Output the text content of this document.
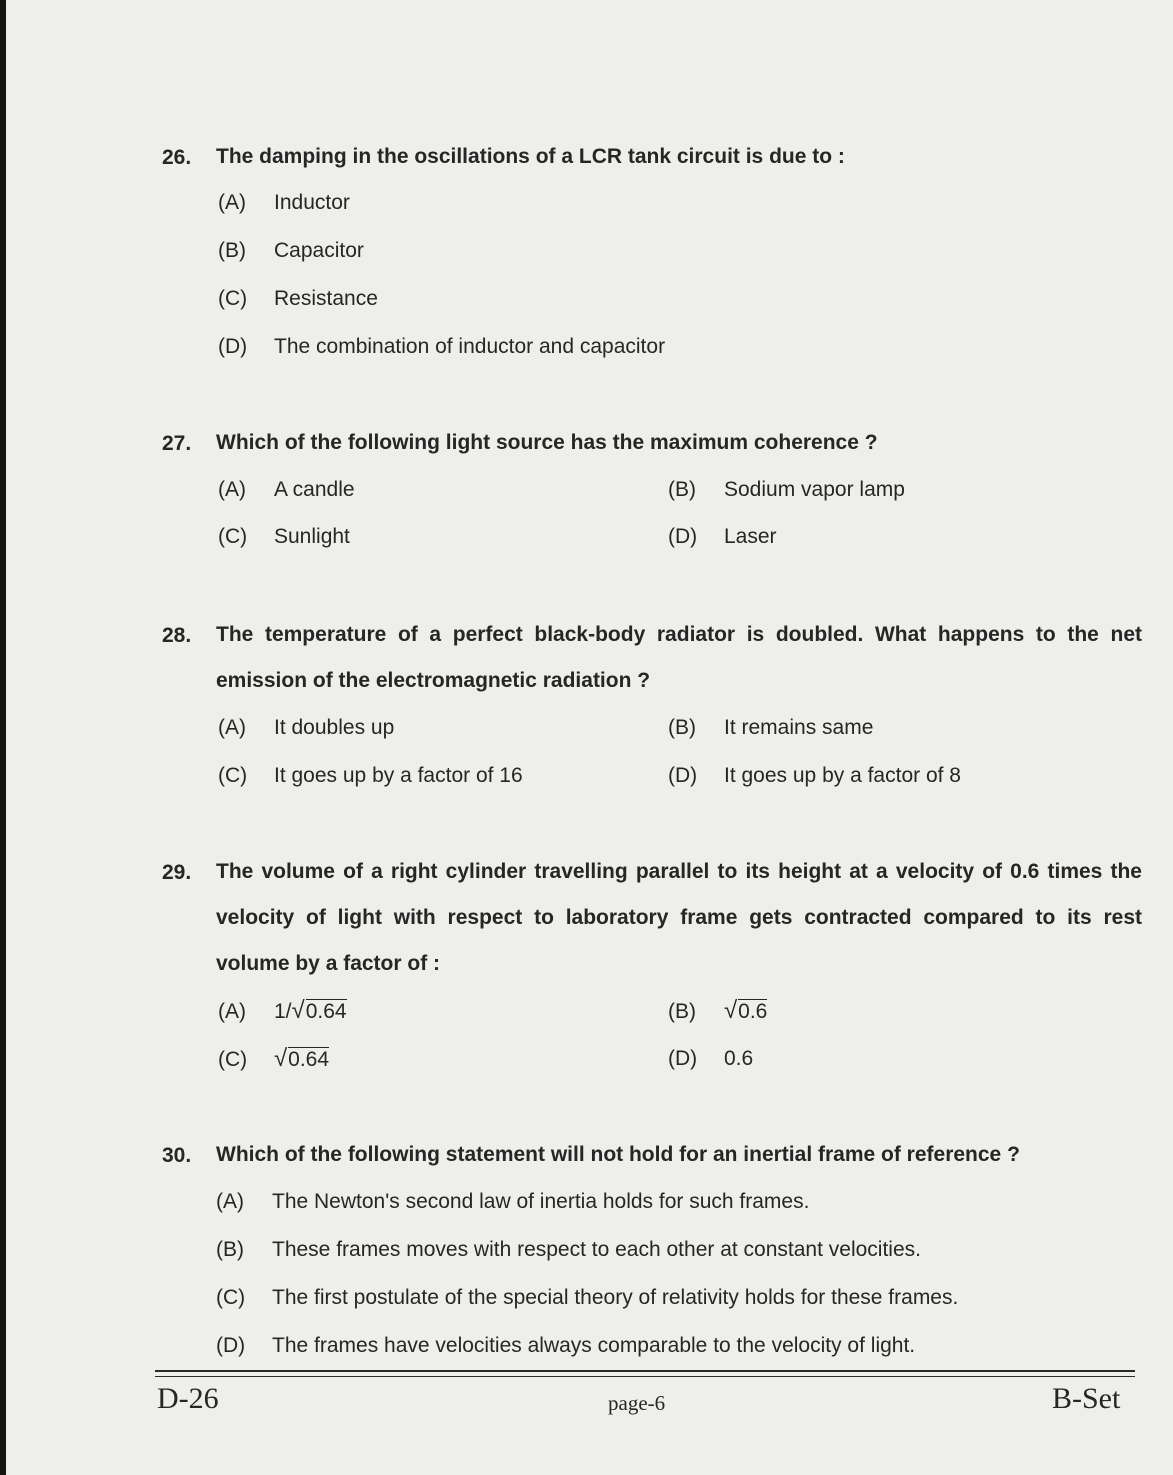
26. The damping in the oscillations of a LCR tank circuit is due to :
(A) Inductor
(B) Capacitor
(C) Resistance
(D) The combination of inductor and capacitor
27. Which of the following light source has the maximum coherence ?
(A) A candle	(B) Sodium vapor lamp
(C) Sunlight	(D) Laser
28. The temperature of a perfect black-body radiator is doubled. What happens to the net emission of the electromagnetic radiation ?
(A) It doubles up	(B) It remains same
(C) It goes up by a factor of 16	(D) It goes up by a factor of 8
29. The volume of a right cylinder travelling parallel to its height at a velocity of 0.6 times the velocity of light with respect to laboratory frame gets contracted compared to its rest volume by a factor of :
(A) 1/ √ 0.64	(B) √ 0.6
(C) √ 0.64	(D) 0.6
30. Which of the following statement will not hold for an inertial frame of reference ?
(A) The Newton's second law of inertia holds for such frames.
(B) These frames moves with respect to each other at constant velocities.
(C) The first postulate of the special theory of relativity holds for these frames.
(D) The frames have velocities always comparable to the velocity of light.
D-26	page-6	B-Set
